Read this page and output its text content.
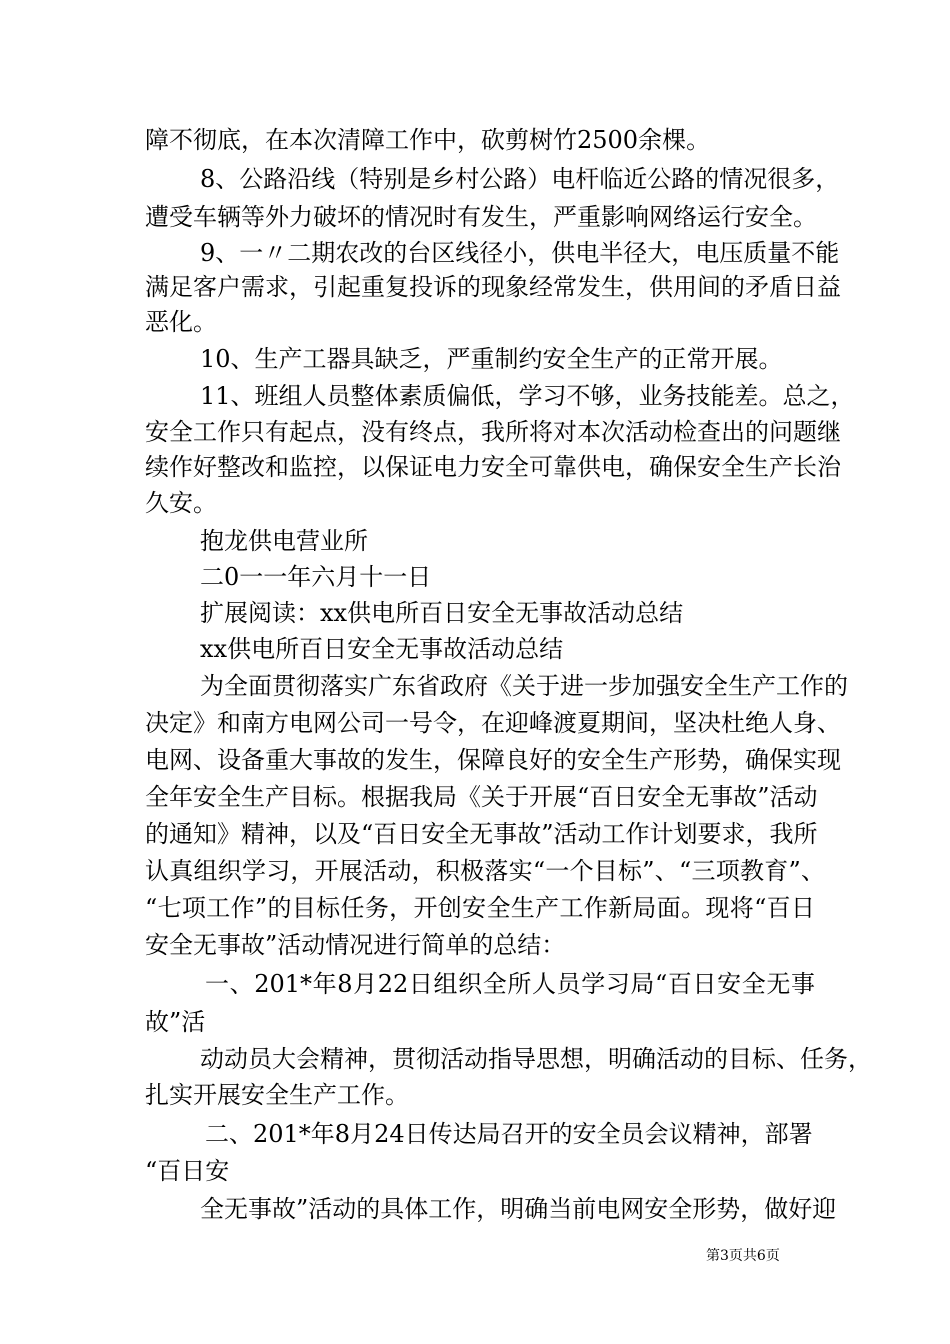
障不彻底，在本次清障工作中，砍剪树竹2500余棵。
8、公路沿线（特别是乡村公路）电杆临近公路的情况很多，
遭受车辆等外力破坏的情况时有发生，严重影响网络运行安全。
9、一〃二期农改的台区线径小，供电半径大，电压质量不能
满足客户需求，引起重复投诉的现象经常发生，供用间的矛盾日益
恶化。
10、生产工器具缺乏，严重制约安全生产的正常开展。
11、班组人员整体素质偏低，学习不够，业务技能差。总之，
安全工作只有起点，没有终点，我所将对本次活动检查出的问题继
续作好整改和监控，以保证电力安全可靠供电，确保安全生产长治
久安。
抱龙供电营业所
二0一一年六月十一日
扩展阅读：xx供电所百日安全无事故活动总结
xx供电所百日安全无事故活动总结
为全面贯彻落实广东省政府《关于进一步加强安全生产工作的
决定》和南方电网公司一号令，在迎峰渡夏期间，坚决杜绝人身、
电网、设备重大事故的发生，保障良好的安全生产形势，确保实现
全年安全生产目标。根据我局《关于开展“百日安全无事故”活动
的通知》精神，以及“百日安全无事故”活动工作计划要求，我所
认真组织学习，开展活动，积极落实“一个目标”、“三项教育”、
“七项工作”的目标任务，开创安全生产工作新局面。现将“百日
安全无事故”活动情况进行简单的总结：
一、201*年8月22日组织全所人员学习局“百日安全无事
故”活
动动员大会精神，贯彻活动指导思想，明确活动的目标、任务，
扎实开展安全生产工作。
二、201*年8月24日传达局召开的安全员会议精神，部署
“百日安
全无事故”活动的具体工作，明确当前电网安全形势，做好迎
第3页共6页
